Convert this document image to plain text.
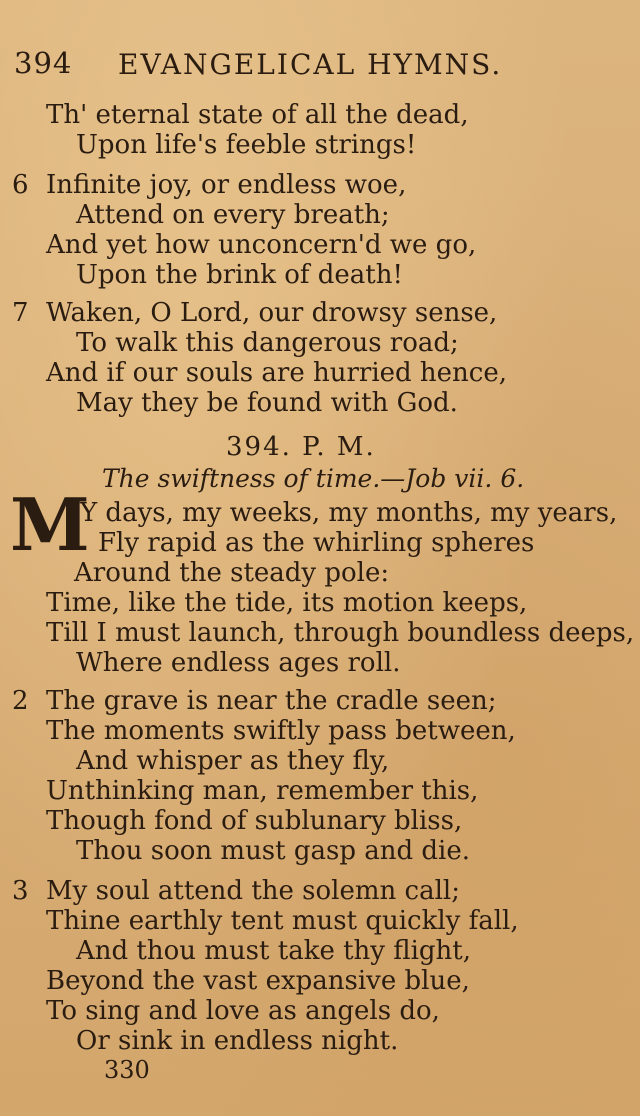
394 EVANGELICAL HYMNS.
Th' eternal state of all the dead,
Upon life's feeble strings!
6 Infinite joy, or endless woe,
Attend on every breath;
And yet how unconcern'd we go,
Upon the brink of death!
7 Waken, O Lord, our drowsy sense,
To walk this dangerous road;
And if our souls are hurried hence,
May they be found with God.
394. P. M.
The swiftness of time.—Job vii. 6.
M
Y days, my weeks, my months, my years,
Fly rapid as the whirling spheres
Around the steady pole:
Time, like the tide, its motion keeps,
Till I must launch, through boundless deeps,
Where endless ages roll.
2 The grave is near the cradle seen;
The moments swiftly pass between,
And whisper as they fly,
Unthinking man, remember this,
Though fond of sublunary bliss,
Thou soon must gasp and die.
3 My soul attend the solemn call;
Thine earthly tent must quickly fall,
And thou must take thy flight,
Beyond the vast expansive blue,
To sing and love as angels do,
Or sink in endless night.
330
